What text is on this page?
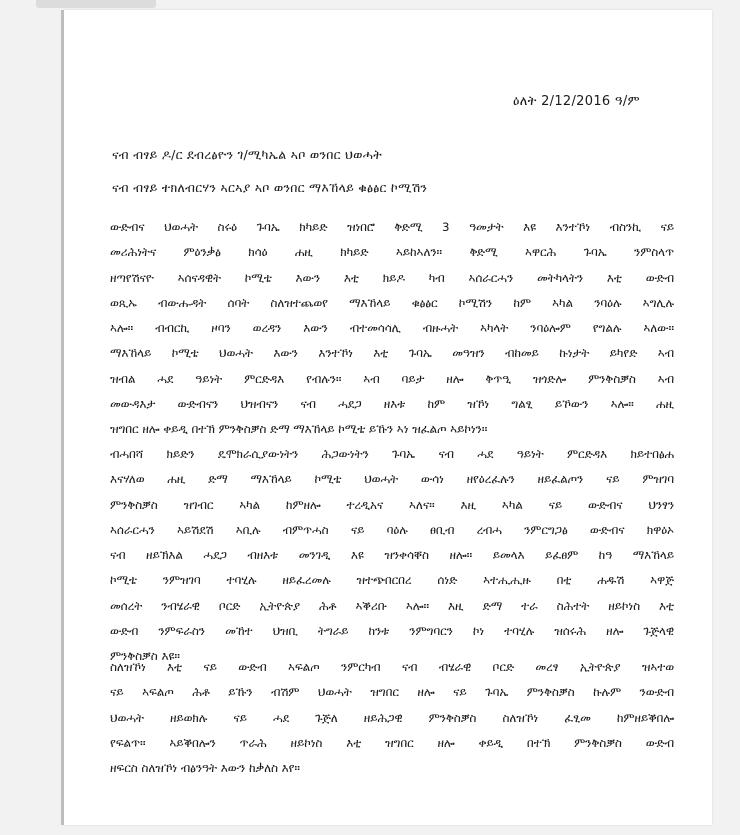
ዕለት 2/12/2016 ዓ/ም
ናብ ብፃይ ዶ/ር ደብረፅዮን ገ/ሚካኤል ኣቦ ወንበር ህወሓት
ናብ ብፃይ ተክለብርሃን ኣርኣያ ኣቦ ወንበር ማእኸላይ ቁፅፅር ኮሚሽን
ውድብና ህወሓት ስሩዕ ጉባኤ ክካይድ ዝነበሮ ቅድሚ 3 ዓመታት እዩ እንተኾነ ብስንኪ ናይ
መሪሕነትና ምዕንቃፅ ክሳዕ ሐዚ ክካይድ ኣይከኣለን። ቅድሚ ኣዋርሕ ጉባኤ ንምስላጥ
ዘጣየሽናዮ ኣሰናዳዊት ኮሚቴ እውን እቲ ክይዶ ካብ ኣሰራርሓን መትካላትን እቲ ውድብ
ወጺኡ ብውሑዳት ሰባት ስለዝተጨወየ ማእኸላይ ቁፅፅር ኮሚሽን ከም ኣካል ንባዕሉ ኣግሊሉ
ኣሎ። ብብርኪ ዞባን ወረዳን እውን ብተመሳሳሊ ብዙሓት ኣካላት ንባዕሎም የግልሉ ኣለው።
ማእኸላይ ኮሚቴ ህወሓት እውን እንተኾነ እቲ ጉባኤ መዓዝን ብከመይ ኩነታት ይካየድ ኣብ
ዝብል ሓደ ዓይነት ምርድዳእ የብሉን። ኣብ ባይታ ዘሎ ቅጥዒ ዝጎድሎ ምንቅስቓስ ኣብ
መውዳእታ ውድብናን ህዝብናን ናብ ሓደጋ ዘእቱ ከም ዝኾነ ግልፂ ይኾውን ኣሎ። ሐዚ
ዝግበር ዘሎ ቀይዲ በተኽ ምንቅስቓስ ድማ ማእኸላይ ኮሚቴ ይኹን ኣነ ዝፈልጦ ኣይኮነን።
ብሓበሻ ክይድን ዴሞክራሲያውነትን ሕጋውነትን ጉባኤ ናብ ሓደ ዓይነት ምርድዳእ ክይተበፅሐ
እናሃለወ ሐዚ ድማ ማእኸላይ ኮሚቴ ህወሓት ውሳነ ዘየዕረፈሉን ዘይፈልጦን ናይ ምዝገባ
ምንቅስቓስ ዝገብር ኣካል ከምዘሎ ተረዲአና ኣለና። እዚ ኣካል ናይ ውድብና ህንፃን
ኣሰራርሓን ኣይሽደሽ ኣቢሉ ብምጥሓስ ናይ ባዕሉ ፀቢብ ረብሓ ንምርግጋፅ ውድብና ክዋዕኦ
ናብ ዘይኽእል ሓደጋ ብዘእቱ መንገዲ እዩ ዝንቀሳቐስ ዘሎ። ይመላእ ይፈፀም ከዓ ማእኸላይ
ኮሚቴ ንምዝገባ ተባሂሉ ዘይፈረመሉ ዝተጭበርበረ ሰነድ ኣተሒሒዙ በቲ ሐዱሽ ኣዋጅ
መሰረት ንብሄራዊ ቦርድ ኢትዮጵያ ሕቶ ኣቕሪቡ ኣሎ። እዚ ድማ ተራ ስሕተት ዘይኮነስ እቲ
ውድብ ንምፍራስን መኸተ ህዝቢ ትግራይ ከንቱ ንምግባርን ኮነ ተባሂሉ ዝሰሩሕ ዘሎ ጉጅላዊ
ምንቅስቓስ እዩ።
ስለዝኾነ እቲ ናይ ውድብ ኣፍልጦ ንምርካብ ናብ ብሄራዊ ቦርድ መረፃ ኢትዮጵያ ዝኣተወ
ናይ ኣፍልጦ ሕቶ ይኹን ብሽም ህወሓት ዝግበር ዘሎ ናይ ጉባኤ ምንቅስቓስ ኩሉም ንውድብ
ህወሓት ዘይወክሉ ናይ ሓደ ጉጅለ ዘይሕጋዊ ምንቅስቓስ ስለዝኾነ ፈፂመ ከምዘይቕበሎ
የፍልጥ። ኣይቕበሎን ጥራሕ ዘይኮነስ እቲ ዝግበር ዘሎ ቀይዲ በተኽ ምንቅስቓስ ውድብ
ዘፍርስ ስለዝኾነ ብፅንዓት እውን ከቃለስ እየ።
